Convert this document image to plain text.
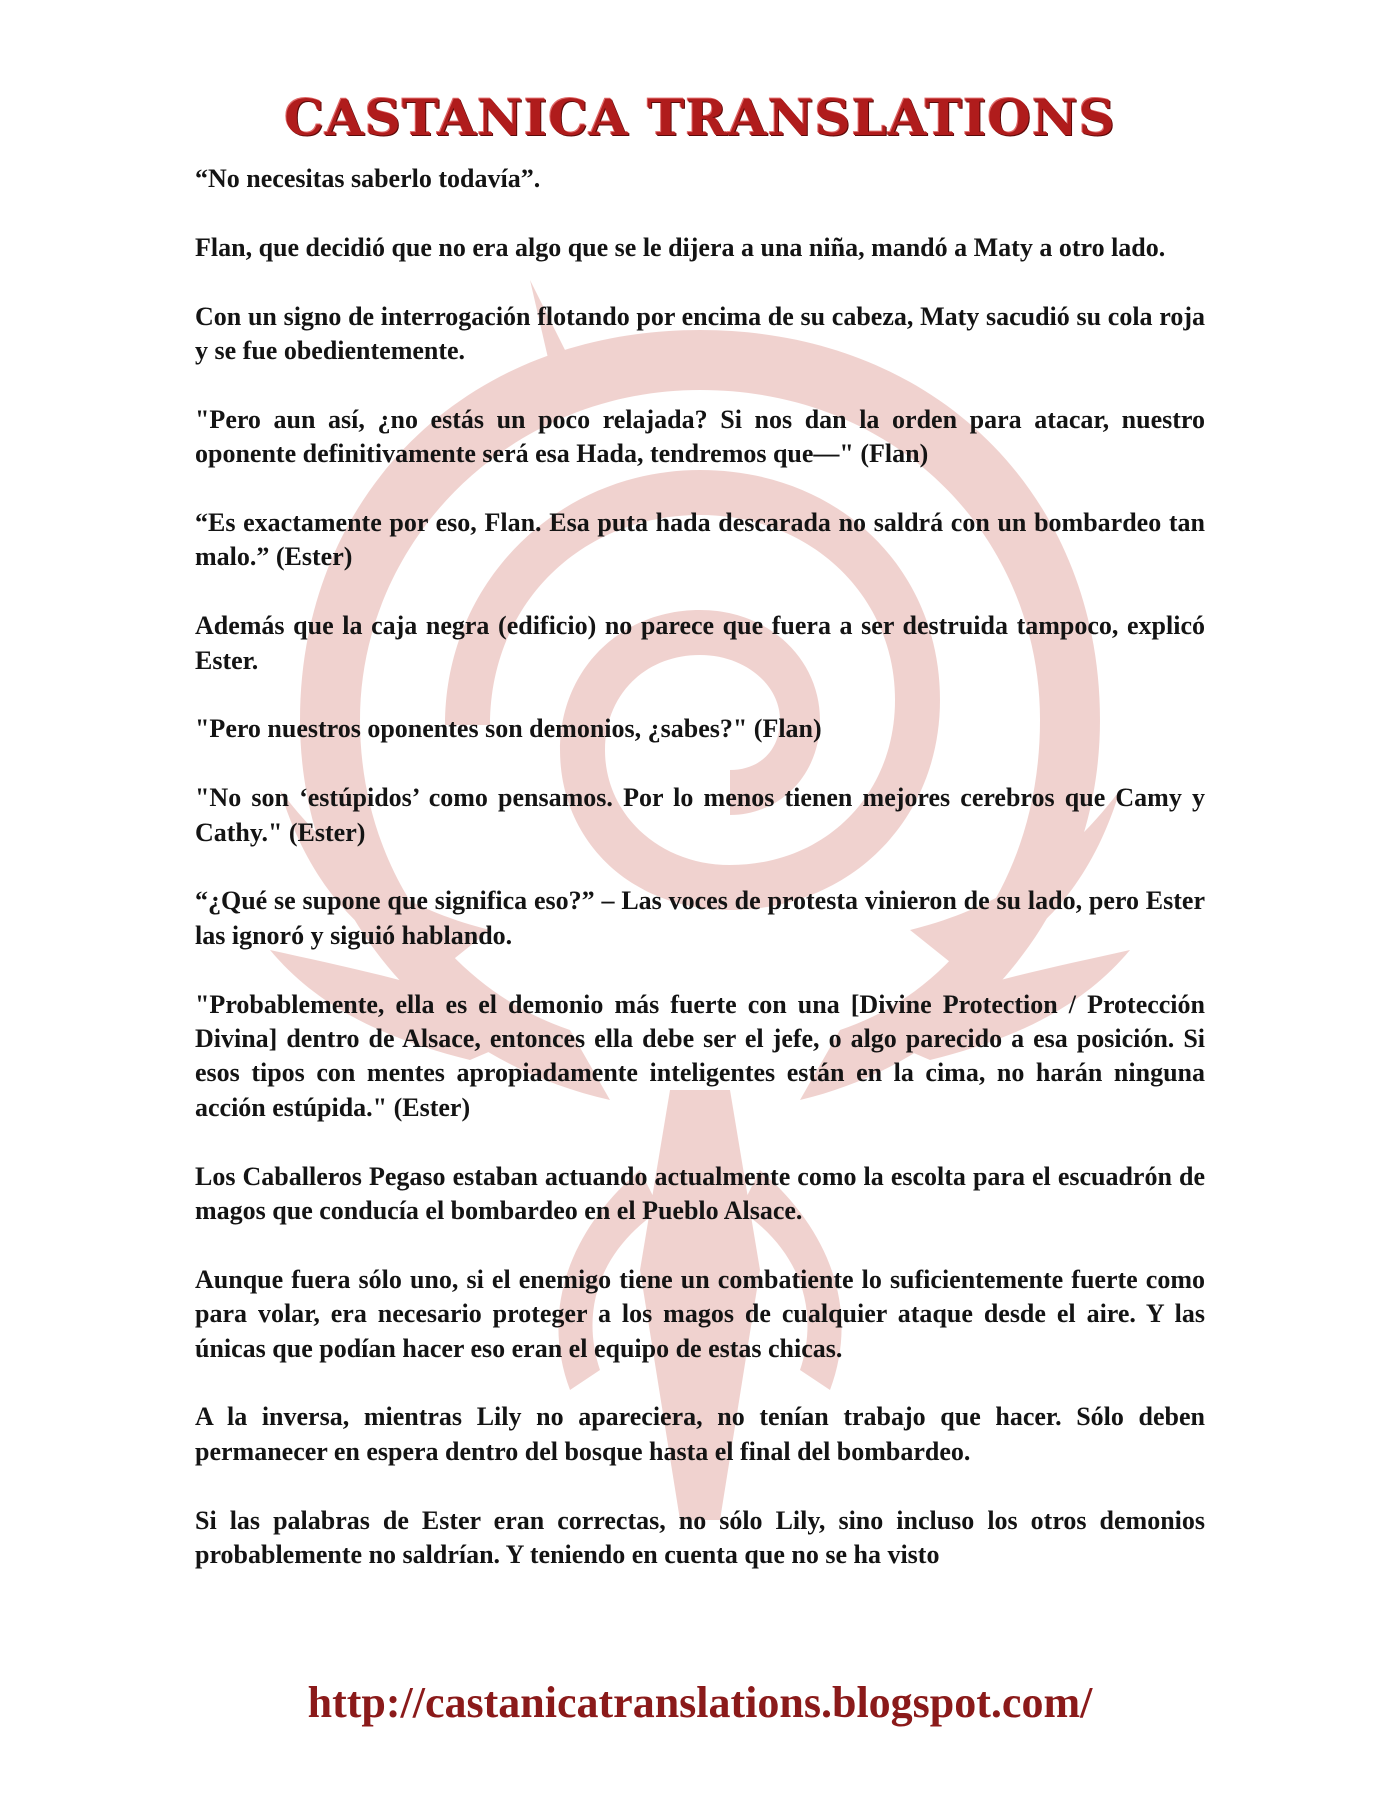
CASTANICA TRANSLATIONS

“No necesitas saberlo todavía”.

Flan, que decidió que no era algo que se le dijera a una niña, mandó a Maty a otro lado.

Con un signo de interrogación flotando por encima de su cabeza, Maty sacudió su cola roja y se fue obedientemente.

"Pero aun así, ¿no estás un poco relajada? Si nos dan la orden para atacar, nuestro oponente definitivamente será esa Hada, tendremos que—" (Flan)

“Es exactamente por eso, Flan. Esa puta hada descarada no saldrá con un bombardeo tan malo.” (Ester)

Además que la caja negra (edificio) no parece que fuera a ser destruida tampoco, explicó Ester.

"Pero nuestros oponentes son demonios, ¿sabes?" (Flan)

"No son ‘estúpidos’ como pensamos. Por lo menos tienen mejores cerebros que Camy y Cathy." (Ester)

“¿Qué se supone que significa eso?” – Las voces de protesta vinieron de su lado, pero Ester las ignoró y siguió hablando.

"Probablemente, ella es el demonio más fuerte con una [Divine Protection / Protección Divina] dentro de Alsace, entonces ella debe ser el jefe, o algo parecido a esa posición. Si esos tipos con mentes apropiadamente inteligentes están en la cima, no harán ninguna acción estúpida." (Ester)

Los Caballeros Pegaso estaban actuando actualmente como la escolta para el escuadrón de magos que conducía el bombardeo en el Pueblo Alsace.

Aunque fuera sólo uno, si el enemigo tiene un combatiente lo suficientemente fuerte como para volar, era necesario proteger a los magos de cualquier ataque desde el aire. Y las únicas que podían hacer eso eran el equipo de estas chicas.

A la inversa, mientras Lily no apareciera, no tenían trabajo que hacer. Sólo deben permanecer en espera dentro del bosque hasta el final del bombardeo.

Si las palabras de Ester eran correctas, no sólo Lily, sino incluso los otros demonios probablemente no saldrían. Y teniendo en cuenta que no se ha visto

http://castanicatranslations.blogspot.com/
